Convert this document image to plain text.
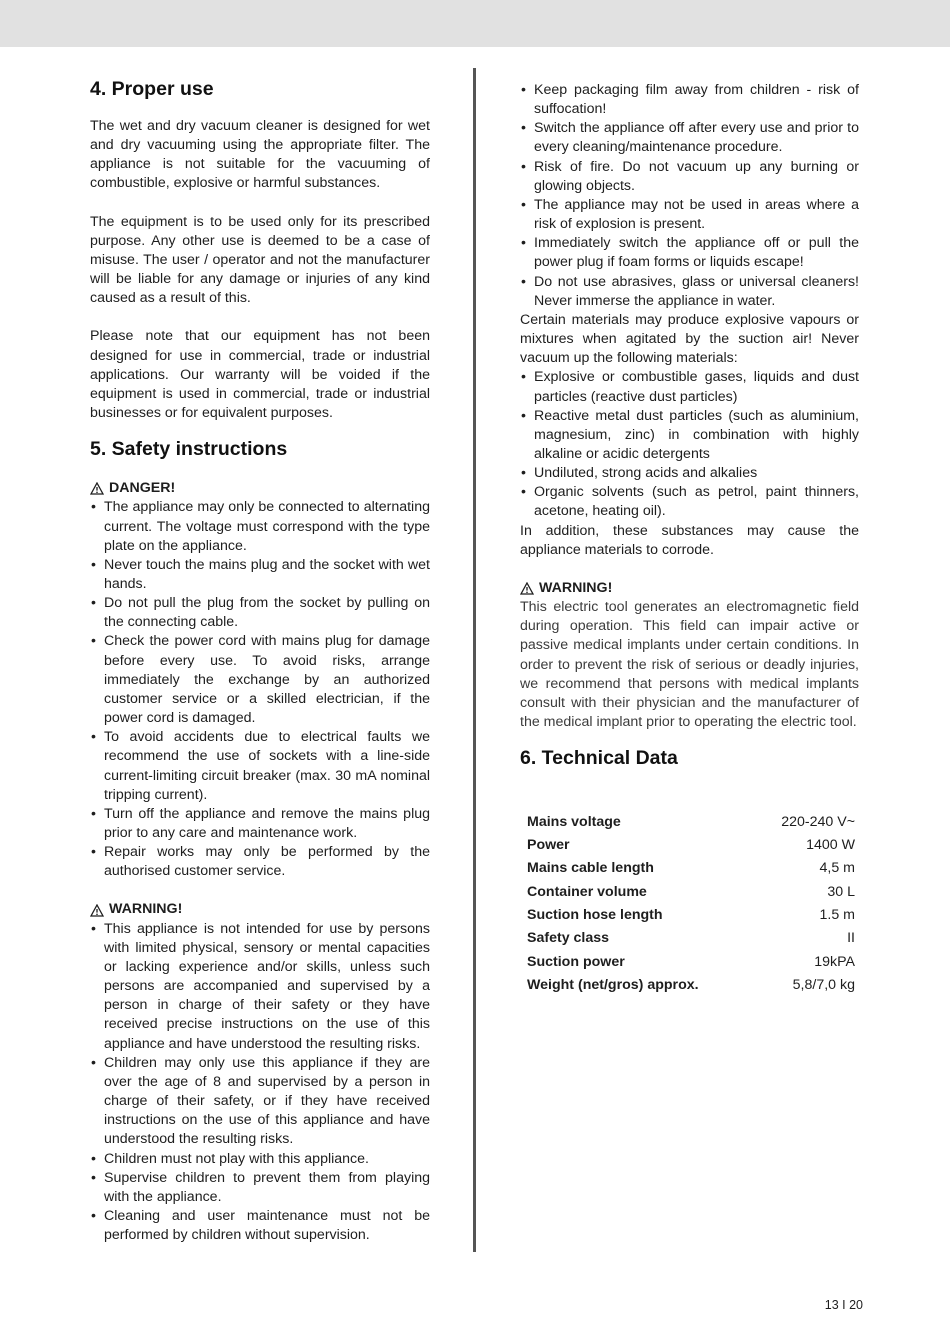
4. Proper use

The wet and dry vacuum cleaner is designed for wet and dry vacuuming using the appropriate filter. The appliance is not suitable for the vacuuming of combustible, explosive or harmful substances.

The equipment is to be used only for its prescribed purpose. Any other use is deemed to be a case of misuse. The user / operator and not the manufacturer will be liable for any damage or injuries of any kind caused as a result of this.

Please note that our equipment has not been designed for use in commercial, trade or industrial applications. Our warranty will be voided if the equipment is used in commercial, trade or industrial businesses or for equivalent purposes.

5. Safety instructions
DANGER!
• The appliance may only be connected to alternating current. The voltage must correspond with the type plate on the appliance.
• Never touch the mains plug and the socket with wet hands.
• Do not pull the plug from the socket by pulling on the connecting cable.
• Check the power cord with mains plug for damage before every use. To avoid risks, arrange immediately the exchange by an authorized customer service or a skilled electrician, if the power cord is damaged.
• To avoid accidents due to electrical faults we recommend the use of sockets with a line-side current-limiting circuit breaker (max. 30 mA nominal tripping current).
• Turn off the appliance and remove the mains plug prior to any care and maintenance work.
• Repair works may only be performed by the authorised customer service.
WARNING!
• This appliance is not intended for use by persons with limited physical, sensory or mental capacities or lacking experience and/or skills, unless such persons are accompanied and supervised by a person in charge of their safety or they have received precise instructions on the use of this appliance and have understood the resulting risks.
• Children may only use this appliance if they are over the age of 8 and supervised by a person in charge of their safety, or if they have received instructions on the use of this appliance and have understood the resulting risks.
• Children must not play with this appliance.
• Supervise children to prevent them from playing with the appliance.
• Cleaning and user maintenance must not be performed by children without supervision.
• Keep packaging film away from children - risk of suffocation!
• Switch the appliance off after every use and prior to every cleaning/maintenance procedure.
• Risk of fire. Do not vacuum up any burning or glowing objects.
• The appliance may not be used in areas where a risk of explosion is present.
• Immediately switch the appliance off or pull the power plug if foam forms or liquids escape!
• Do not use abrasives, glass or universal cleaners! Never immerse the appliance in water.

Certain materials may produce explosive vapours or mixtures when agitated by the suction air! Never vacuum up the following materials:

• Explosive or combustible gases, liquids and dust particles (reactive dust particles)
• Reactive metal dust particles (such as aluminium, magnesium, zinc) in combination with highly alkaline or acidic detergents
• Undiluted, strong acids and alkalies
• Organic solvents (such as petrol, paint thinners, acetone, heating oil).

In addition, these substances may cause the appliance materials to corrode.

WARNING!

This electric tool generates an electromagnetic field during operation. This field can impair active or passive medical implants under certain conditions. In order to prevent the risk of serious or deadly injuries, we recommend that persons with medical implants consult with their physician and the manufacturer of the medical implant prior to operating the electric tool.

6. Technical Data
Mains voltage	220-240 V~
Power	1400 W
Mains cable length	4,5 m
Container volume	30 L
Suction hose length	1.5 m
Safety class	II
Suction power	19kPA
Weight (net/gros) approx.	5,8/7,0 kg
13 I 20
